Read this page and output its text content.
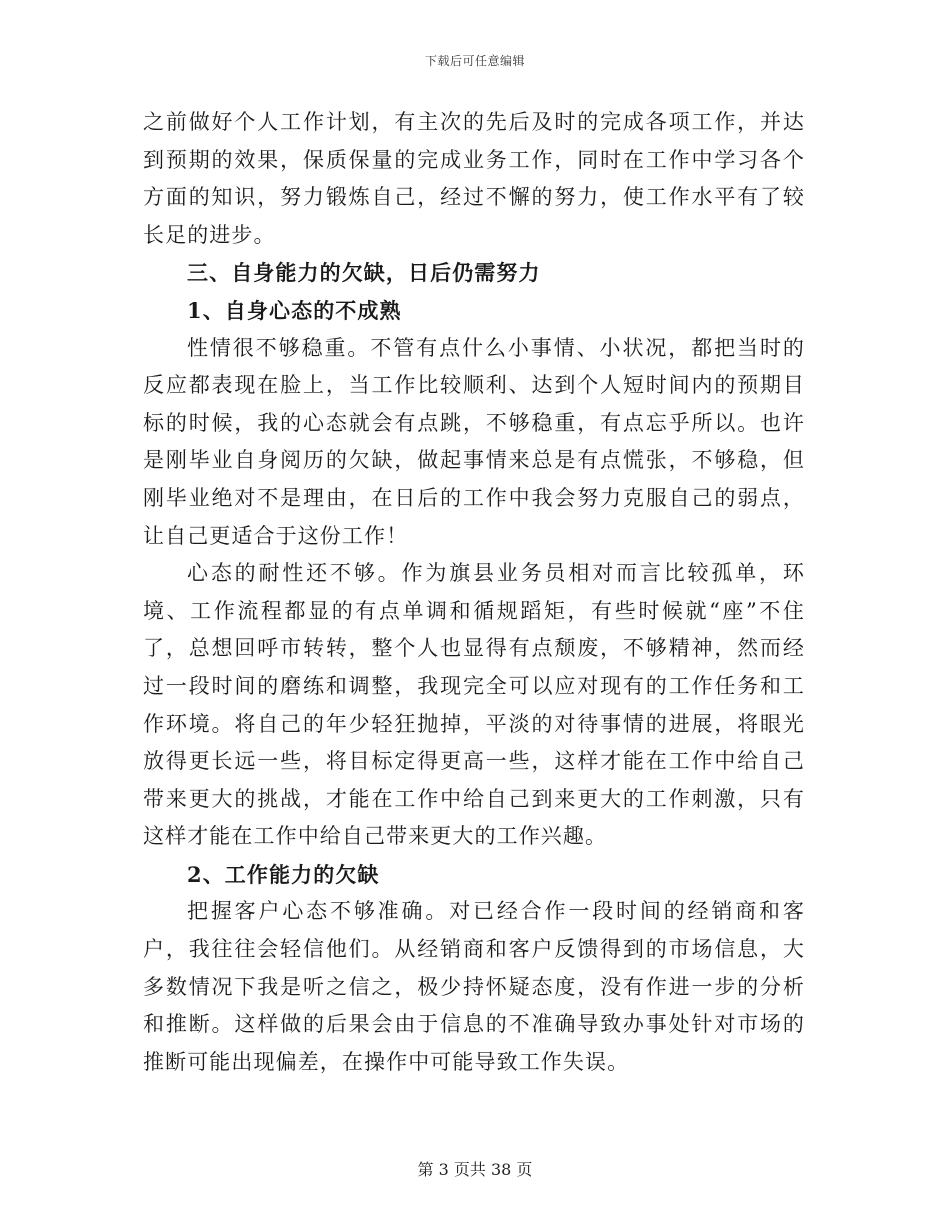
下载后可任意编辑

之前做好个人工作计划，有主次的先后及时的完成各项工作，并达到预期的效果，保质保量的完成业务工作，同时在工作中学习各个方面的知识，努力锻炼自己，经过不懈的努力，使工作水平有了较长足的进步。

三、自身能力的欠缺，日后仍需努力

1、自身心态的不成熟

性情很不够稳重。不管有点什么小事情、小状况，都把当时的反应都表现在脸上，当工作比较顺利、达到个人短时间内的预期目标的时候，我的心态就会有点跳，不够稳重，有点忘乎所以。也许是刚毕业自身阅历的欠缺，做起事情来总是有点慌张，不够稳，但刚毕业绝对不是理由，在日后的工作中我会努力克服自己的弱点，让自己更适合于这份工作！

心态的耐性还不够。作为旗县业务员相对而言比较孤单，环境、工作流程都显的有点单调和循规蹈矩，有些时候就“座”不住了，总想回呼市转转，整个人也显得有点颓废，不够精神，然而经过一段时间的磨练和调整，我现完全可以应对现有的工作任务和工作环境。将自己的年少轻狂抛掉，平淡的对待事情的进展，将眼光放得更长远一些，将目标定得更高一些，这样才能在工作中给自己带来更大的挑战，才能在工作中给自己到来更大的工作刺激，只有这样才能在工作中给自己带来更大的工作兴趣。

2、工作能力的欠缺

把握客户心态不够准确。对已经合作一段时间的经销商和客户，我往往会轻信他们。从经销商和客户反馈得到的市场信息，大多数情况下我是听之信之，极少持怀疑态度，没有作进一步的分析和推断。这样做的后果会由于信息的不准确导致办事处针对市场的推断可能出现偏差，在操作中可能导致工作失误。

第 3 页共 38 页
